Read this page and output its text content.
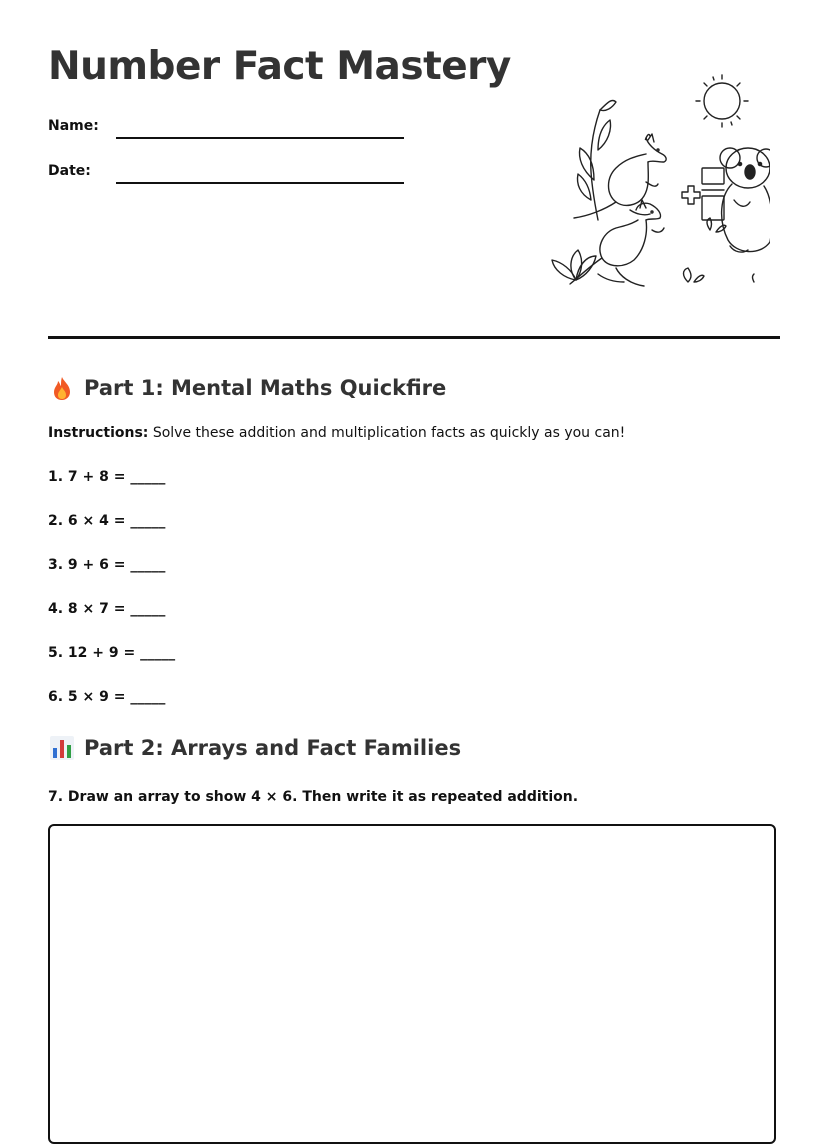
Number Fact Mastery
Name:
Date:
Part 1: Mental Maths Quickfire
Instructions: Solve these addition and multiplication facts as quickly as you can!
1. 7 + 8 = _____
2. 6 × 4 = _____
3. 9 + 6 = _____
4. 8 × 7 = _____
5. 12 + 9 = _____
6. 5 × 9 = _____
Part 2: Arrays and Fact Families
7. Draw an array to show 4 × 6. Then write it as repeated addition.
